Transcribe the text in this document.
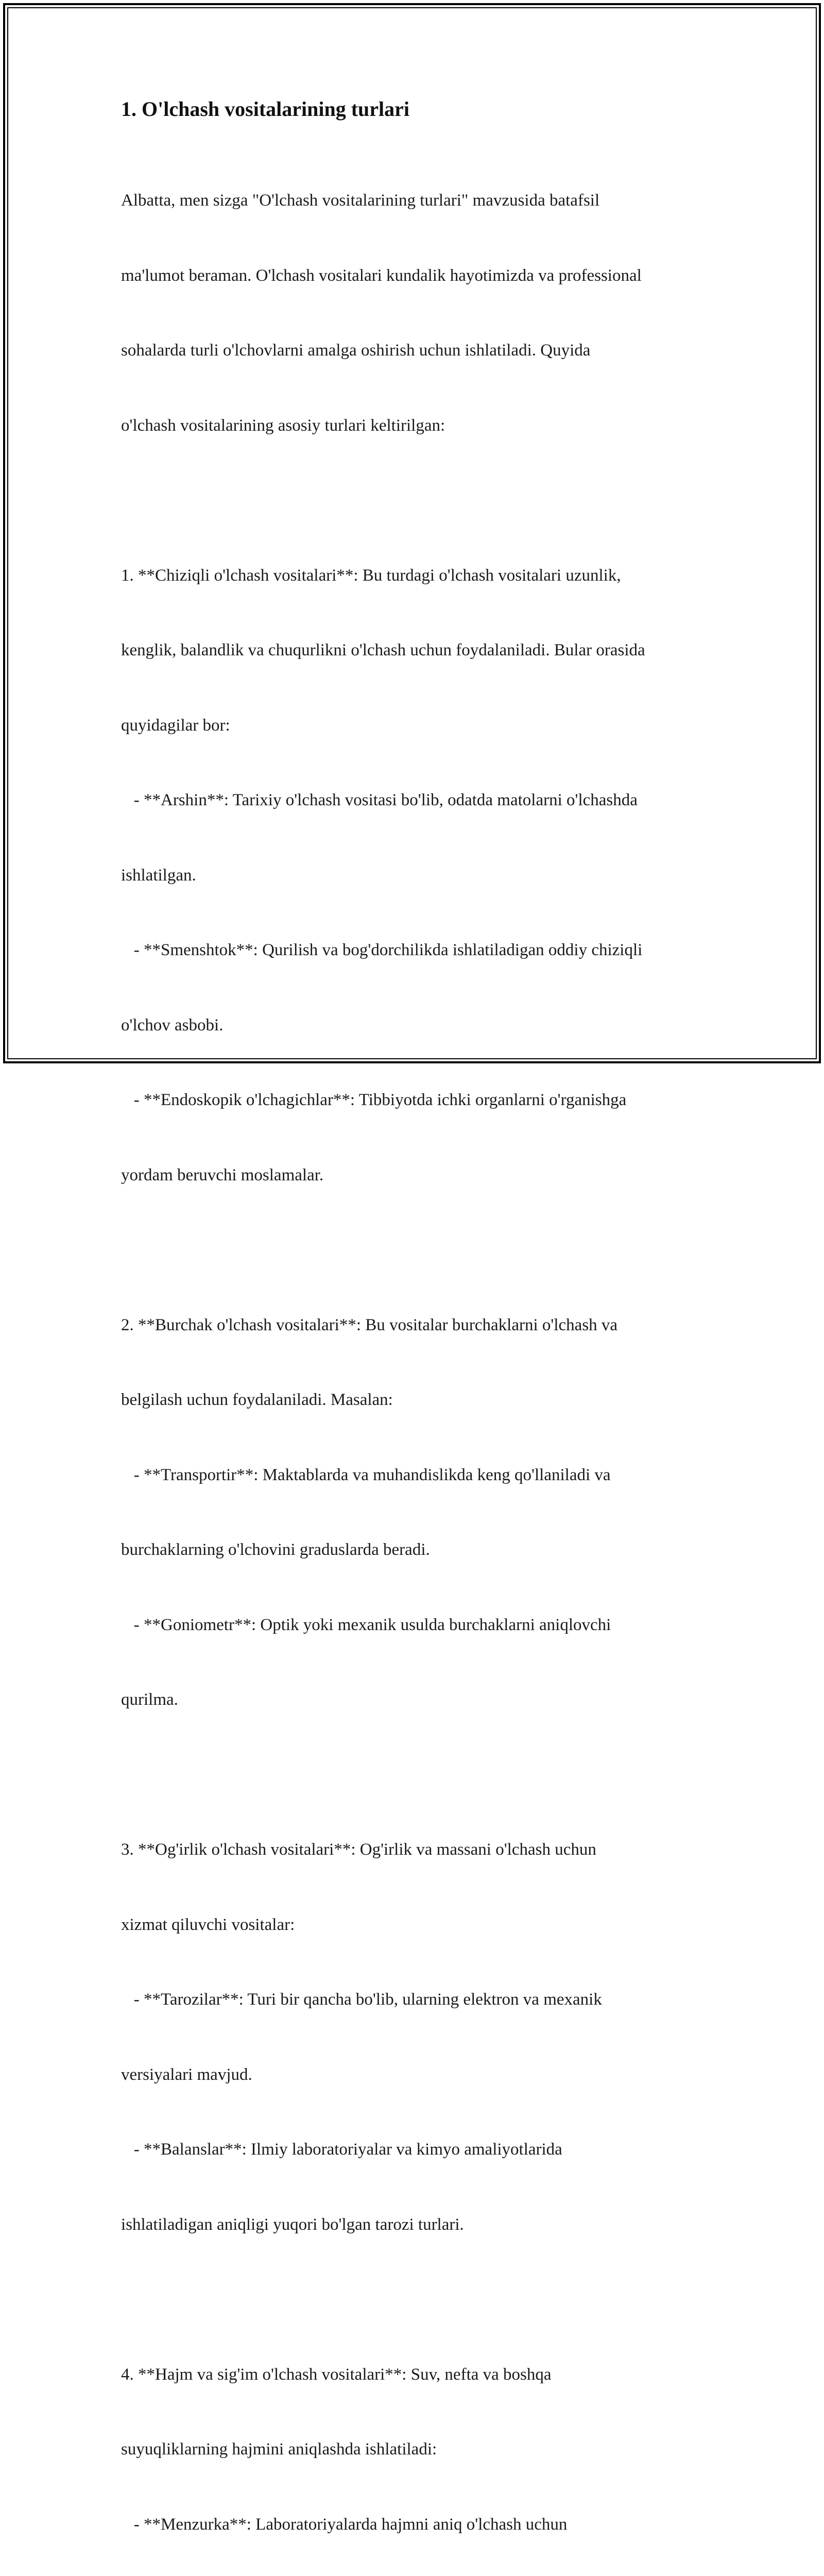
1. O'lchash vositalarining turlari

Albatta, men sizga "O'lchash vositalarining turlari" mavzusida batafsil

ma'lumot beraman. O'lchash vositalari kundalik hayotimizda va professional

sohalarda turli o'lchovlarni amalga oshirish uchun ishlatiladi. Quyida

o'lchash vositalarining asosiy turlari keltirilgan:

1. **Chiziqli o'lchash vositalari**: Bu turdagi o'lchash vositalari uzunlik,

kenglik, balandlik va chuqurlikni o'lchash uchun foydalaniladi. Bular orasida

quyidagilar bor:

- **Arshin**: Tarixiy o'lchash vositasi bo'lib, odatda matolarni o'lchashda

ishlatilgan.

- **Smenshtok**: Qurilish va bog'dorchilikda ishlatiladigan oddiy chiziqli

o'lchov asbobi.

- **Endoskopik o'lchagichlar**: Tibbiyotda ichki organlarni o'rganishga

yordam beruvchi moslamalar.

2. **Burchak o'lchash vositalari**: Bu vositalar burchaklarni o'lchash va

belgilash uchun foydalaniladi. Masalan:

- **Transportir**: Maktablarda va muhandislikda keng qo'llaniladi va

burchaklarning o'lchovini graduslarda beradi.

- **Goniometr**: Optik yoki mexanik usulda burchaklarni aniqlovchi

qurilma.

3. **Og'irlik o'lchash vositalari**: Og'irlik va massani o'lchash uchun

xizmat qiluvchi vositalar:

- **Tarozilar**: Turi bir qancha bo'lib, ularning elektron va mexanik

versiyalari mavjud.

- **Balanslar**: Ilmiy laboratoriyalar va kimyo amaliyotlarida

ishlatiladigan aniqligi yuqori bo'lgan tarozi turlari.

4. **Hajm va sig'im o'lchash vositalari**: Suv, nefta va boshqa

suyuqliklarning hajmini aniqlashda ishlatiladi:

- **Menzurka**: Laboratoriyalarda hajmni aniq o'lchash uchun
